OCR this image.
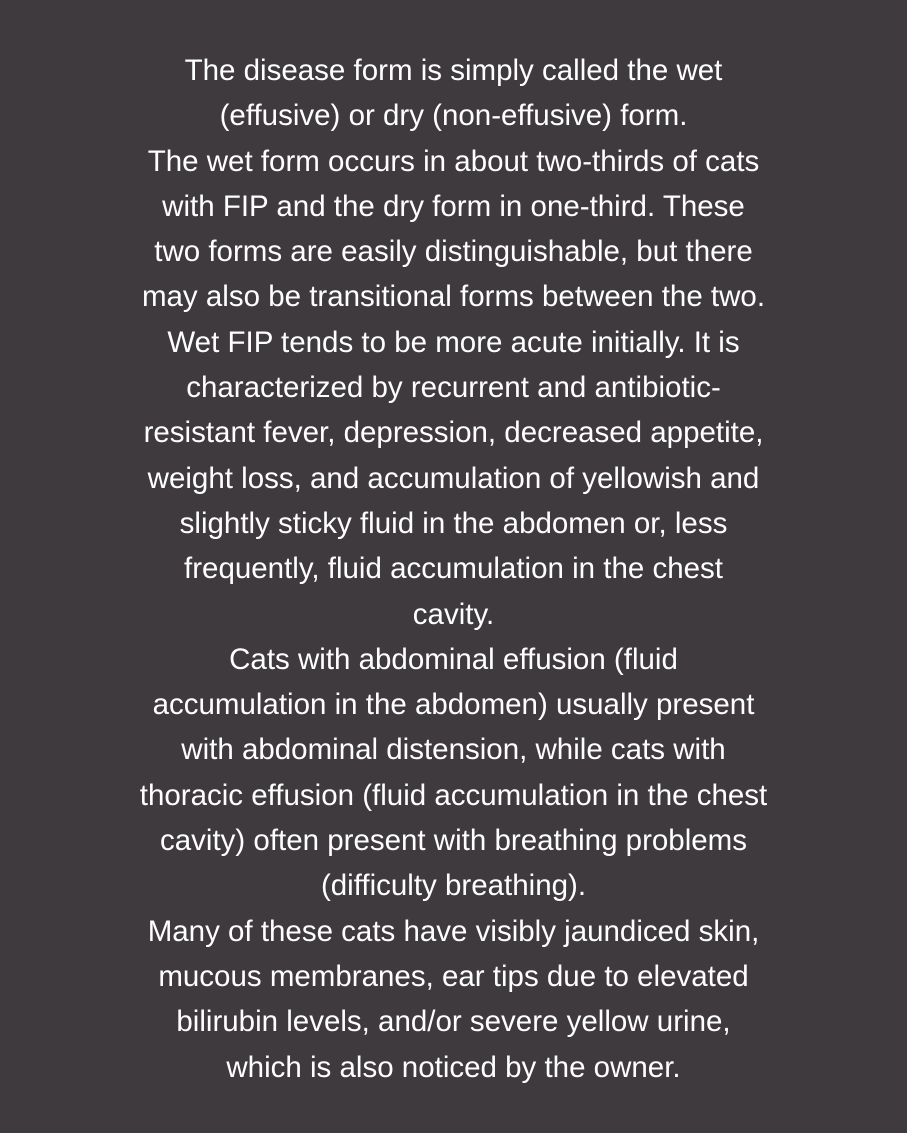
The disease form is simply called the wet
(effusive) or dry (non-effusive) form.
The wet form occurs in about two-thirds of cats
with FIP and the dry form in one-third. These
two forms are easily distinguishable, but there
may also be transitional forms between the two.
Wet FIP tends to be more acute initially. It is
characterized by recurrent and antibiotic-
resistant fever, depression, decreased appetite,
weight loss, and accumulation of yellowish and
slightly sticky fluid in the abdomen or, less
frequently, fluid accumulation in the chest
cavity.
Cats with abdominal effusion (fluid
accumulation in the abdomen) usually present
with abdominal distension, while cats with
thoracic effusion (fluid accumulation in the chest
cavity) often present with breathing problems
(difficulty breathing).
Many of these cats have visibly jaundiced skin,
mucous membranes, ear tips due to elevated
bilirubin levels, and/or severe yellow urine,
which is also noticed by the owner.
